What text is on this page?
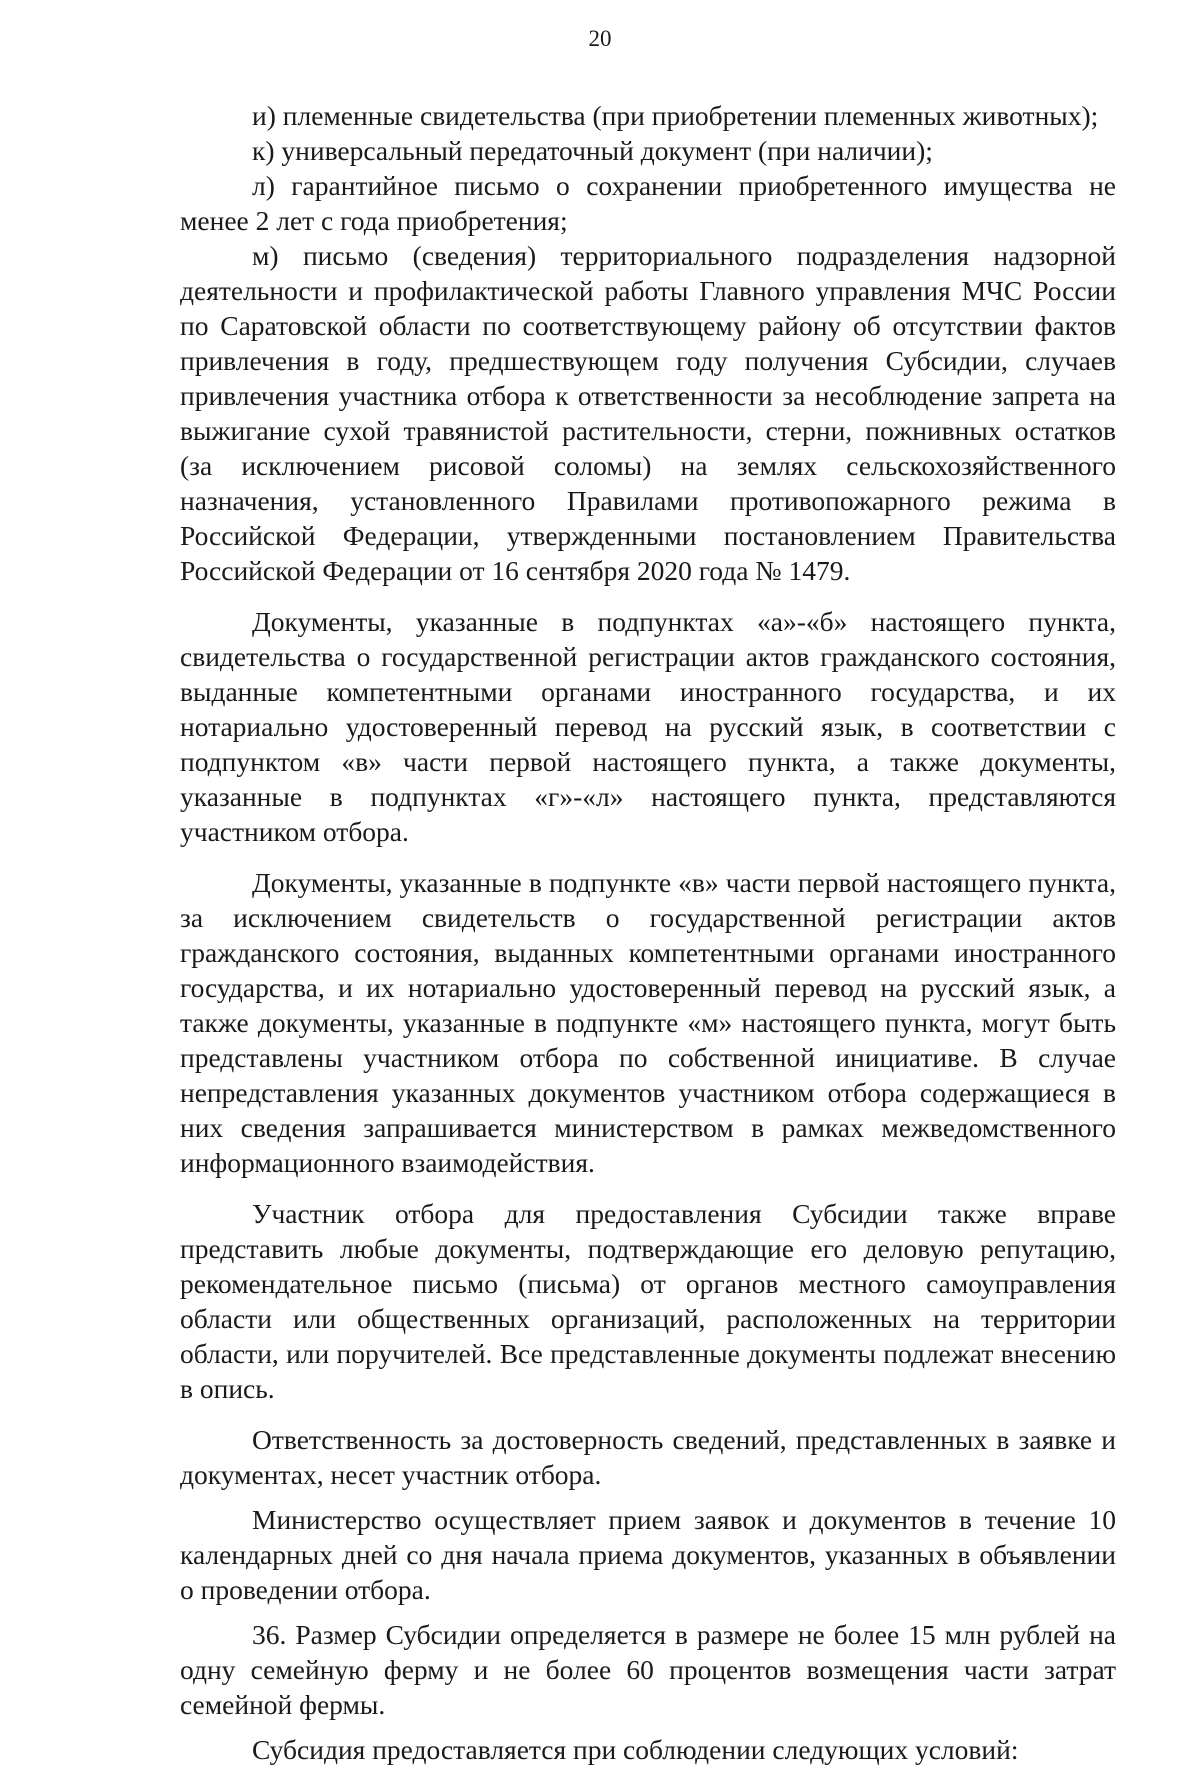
20

и) племенные свидетельства (при приобретении племенных животных);

к) универсальный передаточный документ (при наличии);

л) гарантийное письмо о сохранении приобретенного имущества не менее 2 лет с года приобретения;

м) письмо (сведения) территориального подразделения надзорной деятельности и профилактической работы Главного управления МЧС России по Саратовской области по соответствующему району об отсутствии фактов привлечения в году, предшествующем году получения Субсидии, случаев привлечения участника отбора к ответственности за несоблюдение запрета на выжигание сухой травянистой растительности, стерни, пожнивных остатков (за исключением рисовой соломы) на землях сельскохозяйственного назначения, установленного Правилами противопожарного режима в Российской Федерации, утвержденными постановлением Правительства Российской Федерации от 16 сентября 2020 года № 1479.

Документы, указанные в подпунктах «а»-«б» настоящего пункта, свидетельства о государственной регистрации актов гражданского состояния, выданные компетентными органами иностранного государства, и их нотариально удостоверенный перевод на русский язык, в соответствии с подпунктом «в» части первой настоящего пункта, а также документы, указанные в подпунктах «г»-«л» настоящего пункта, представляются участником отбора.

Документы, указанные в подпункте «в» части первой настоящего пункта, за исключением свидетельств о государственной регистрации актов гражданского состояния, выданных компетентными органами иностранного государства, и их нотариально удостоверенный перевод на русский язык, а также документы, указанные в подпункте «м» настоящего пункта, могут быть представлены участником отбора по собственной инициативе. В случае непредставления указанных документов участником отбора содержащиеся в них сведения запрашивается министерством в рамках межведомственного информационного взаимодействия.

Участник отбора для предоставления Субсидии также вправе представить любые документы, подтверждающие его деловую репутацию, рекомендательное письмо (письма) от органов местного самоуправления области или общественных организаций, расположенных на территории области, или поручителей. Все представленные документы подлежат внесению в опись.

Ответственность за достоверность сведений, представленных в заявке и документах, несет участник отбора.

Министерство осуществляет прием заявок и документов в течение 10 календарных дней со дня начала приема документов, указанных в объявлении о проведении отбора.

36. Размер Субсидии определяется в размере не более 15 млн рублей на одну семейную ферму и не более 60 процентов возмещения части затрат семейной фермы.

Субсидия предоставляется при соблюдении следующих условий:
